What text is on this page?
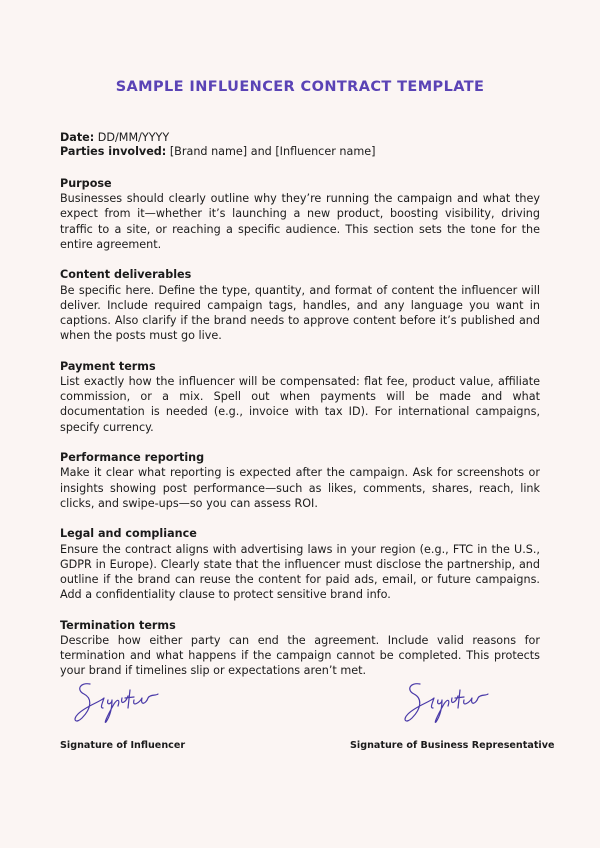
SAMPLE INFLUENCER CONTRACT TEMPLATE
Date: DD/MM/YYYY
Parties involved: [Brand name] and [Influencer name]
Purpose

Businesses should clearly outline why they’re running the campaign and what they expect from it—whether it’s launching a new product, boosting visibility, driving traffic to a site, or reaching a specific audience. This section sets the tone for the entire agreement.

Content deliverables

Be specific here. Define the type, quantity, and format of content the influencer will deliver. Include required campaign tags, handles, and any language you want in captions. Also clarify if the brand needs to approve content before it’s published and when the posts must go live.

Payment terms

List exactly how the influencer will be compensated: flat fee, product value, affiliate commission, or a mix. Spell out when payments will be made and what documentation is needed (e.g., invoice with tax ID). For international campaigns, specify currency.

Performance reporting

Make it clear what reporting is expected after the campaign. Ask for screenshots or insights showing post performance—such as likes, comments, shares, reach, link clicks, and swipe-ups—so you can assess ROI.

Legal and compliance

Ensure the contract aligns with advertising laws in your region (e.g., FTC in the U.S., GDPR in Europe). Clearly state that the influencer must disclose the partnership, and outline if the brand can reuse the content for paid ads, email, or future campaigns. Add a confidentiality clause to protect sensitive brand info.

Termination terms

Describe how either party can end the agreement. Include valid reasons for termination and what happens if the campaign cannot be completed. This protects your brand if timelines slip or expectations aren’t met.

Signature of Influencer	Signature of Business Representative
